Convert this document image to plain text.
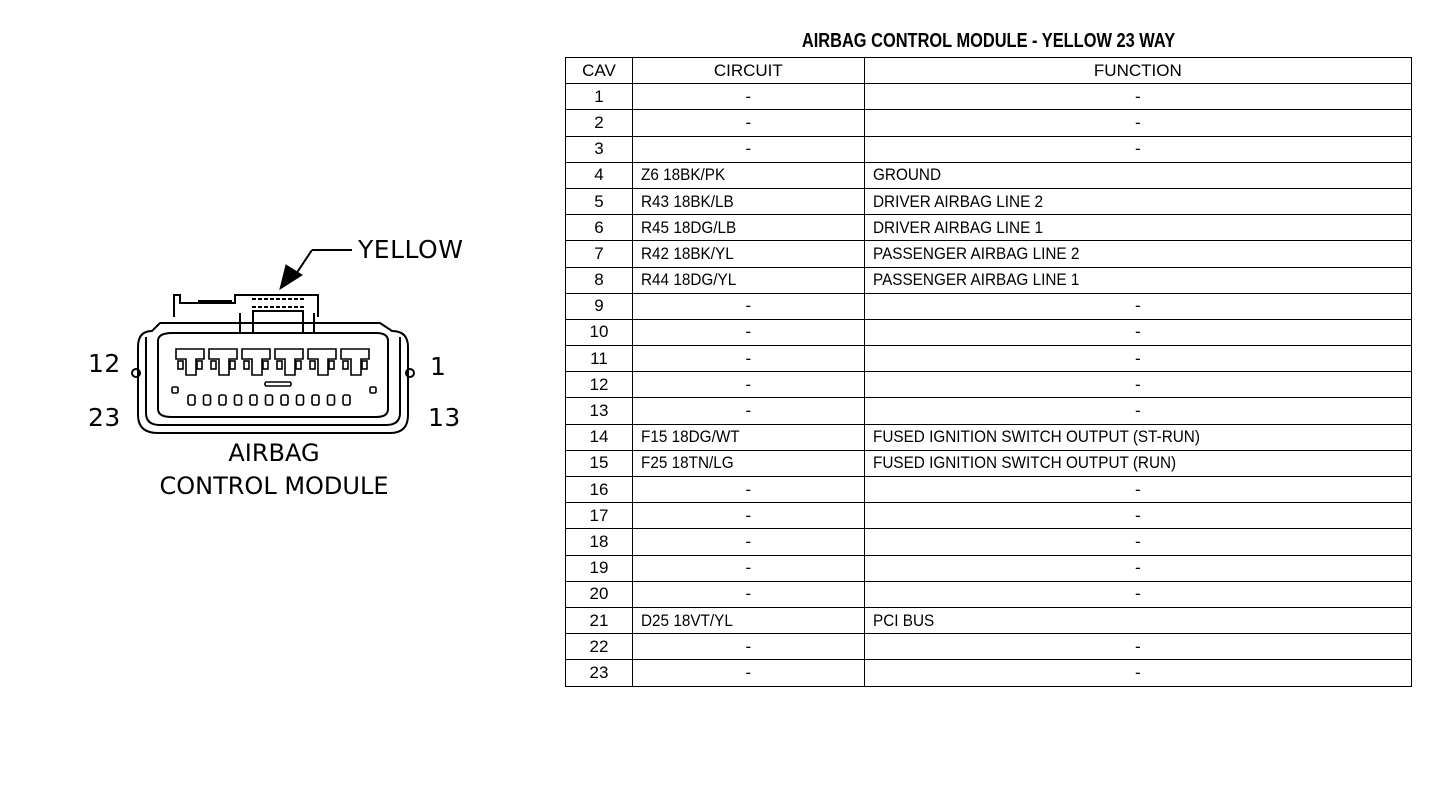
YELLOW
12	1
23	13
AIRBAG
CONTROL MODULE
AIRBAG CONTROL MODULE - YELLOW 23 WAY
CAV	CIRCUIT	FUNCTION
1	-	-
2	-	-
3	-	-
4	Z6 18BK/PK	GROUND
5	R43 18BK/LB	DRIVER AIRBAG LINE 2
6	R45 18DG/LB	DRIVER AIRBAG LINE 1
7	R42 18BK/YL	PASSENGER AIRBAG LINE 2
8	R44 18DG/YL	PASSENGER AIRBAG LINE 1
9	-	-
10	-	-
11	-	-
12	-	-
13	-	-
14	F15 18DG/WT	FUSED IGNITION SWITCH OUTPUT (ST-RUN)
15	F25 18TN/LG	FUSED IGNITION SWITCH OUTPUT (RUN)
16	-	-
17	-	-
18	-	-
19	-	-
20	-	-
21	D25 18VT/YL	PCI BUS
22	-	-
23	-	-
